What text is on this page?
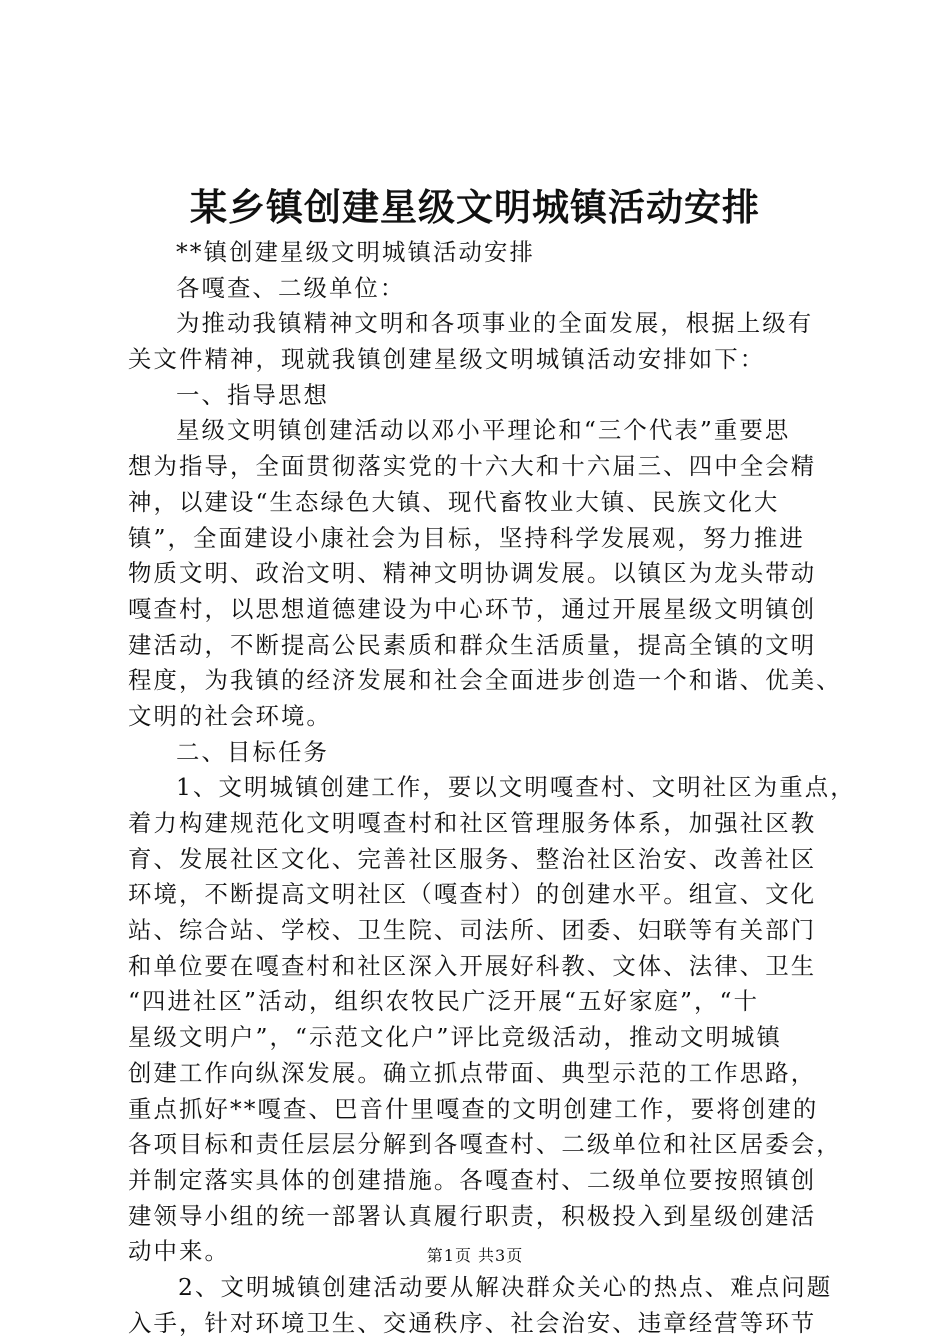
某乡镇创建星级文明城镇活动安排
**镇创建星级文明城镇活动安排
各嘎查、二级单位：
为推动我镇精神文明和各项事业的全面发展，根据上级有
关文件精神，现就我镇创建星级文明城镇活动安排如下：
一、指导思想
星级文明镇创建活动以邓小平理论和“三个代表”重要思
想为指导，全面贯彻落实党的十六大和十六届三、四中全会精
神，以建设“生态绿色大镇、现代畜牧业大镇、民族文化大
镇”，全面建设小康社会为目标，坚持科学发展观，努力推进
物质文明、政治文明、精神文明协调发展。以镇区为龙头带动
嘎查村，以思想道德建设为中心环节，通过开展星级文明镇创
建活动，不断提高公民素质和群众生活质量，提高全镇的文明
程度，为我镇的经济发展和社会全面进步创造一个和谐、优美、
文明的社会环境。
二、目标任务
1、文明城镇创建工作，要以文明嘎查村、文明社区为重点，
着力构建规范化文明嘎查村和社区管理服务体系，加强社区教
育、发展社区文化、完善社区服务、整治社区治安、改善社区
环境，不断提高文明社区（嘎查村）的创建水平。组宣、文化
站、综合站、学校、卫生院、司法所、团委、妇联等有关部门
和单位要在嘎查村和社区深入开展好科教、文体、法律、卫生
“四进社区”活动，组织农牧民广泛开展“五好家庭”，“十
星级文明户”，“示范文化户”评比竞级活动，推动文明城镇
创建工作向纵深发展。确立抓点带面、典型示范的工作思路，
重点抓好**嘎查、巴音什里嘎查的文明创建工作，要将创建的
各项目标和责任层层分解到各嘎查村、二级单位和社区居委会，
并制定落实具体的创建措施。各嘎查村、二级单位要按照镇创
建领导小组的统一部署认真履行职责，积极投入到星级创建活
动中来。
2、文明城镇创建活动要从解决群众关心的热点、难点问题
入手，针对环境卫生、交通秩序、社会治安、违章经营等环节
第1页 共3页
